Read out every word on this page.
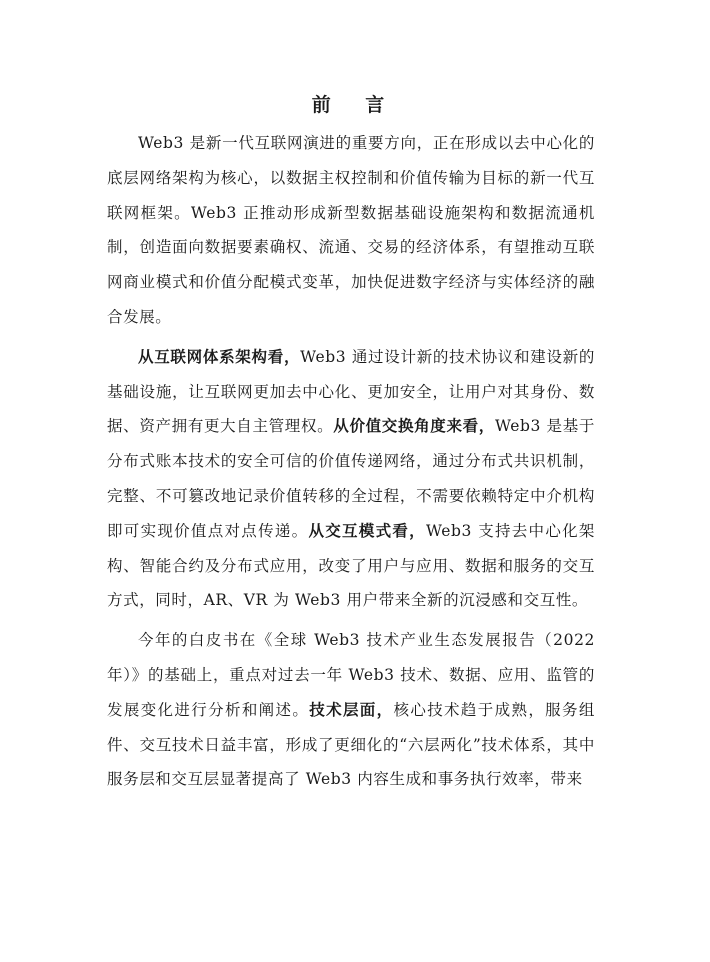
前 言

Web3 是新一代互联网演进的重要方向，正在形成以去中心化的底层网络架构为核心，以数据主权控制和价值传输为目标的新一代互联网框架。Web3 正推动形成新型数据基础设施架构和数据流通机制，创造面向数据要素确权、流通、交易的经济体系，有望推动互联网商业模式和价值分配模式变革，加快促进数字经济与实体经济的融合发展。

从互联网体系架构看，Web3 通过设计新的技术协议和建设新的基础设施，让互联网更加去中心化、更加安全，让用户对其身份、数据、资产拥有更大自主管理权。从价值交换角度来看，Web3 是基于分布式账本技术的安全可信的价值传递网络，通过分布式共识机制，完整、不可篡改地记录价值转移的全过程，不需要依赖特定中介机构即可实现价值点对点传递。从交互模式看，Web3 支持去中心化架构、智能合约及分布式应用，改变了用户与应用、数据和服务的交互方式，同时，AR、VR 为 Web3 用户带来全新的沉浸感和交互性。

今年的白皮书在《全球 Web3 技术产业生态发展报告（2022 年）》的基础上，重点对过去一年 Web3 技术、数据、应用、监管的发展变化进行分析和阐述。技术层面，核心技术趋于成熟，服务组件、交互技术日益丰富，形成了更细化的“六层两化”技术体系，其中服务层和交互层显著提高了 Web3 内容生成和事务执行效率，带来
